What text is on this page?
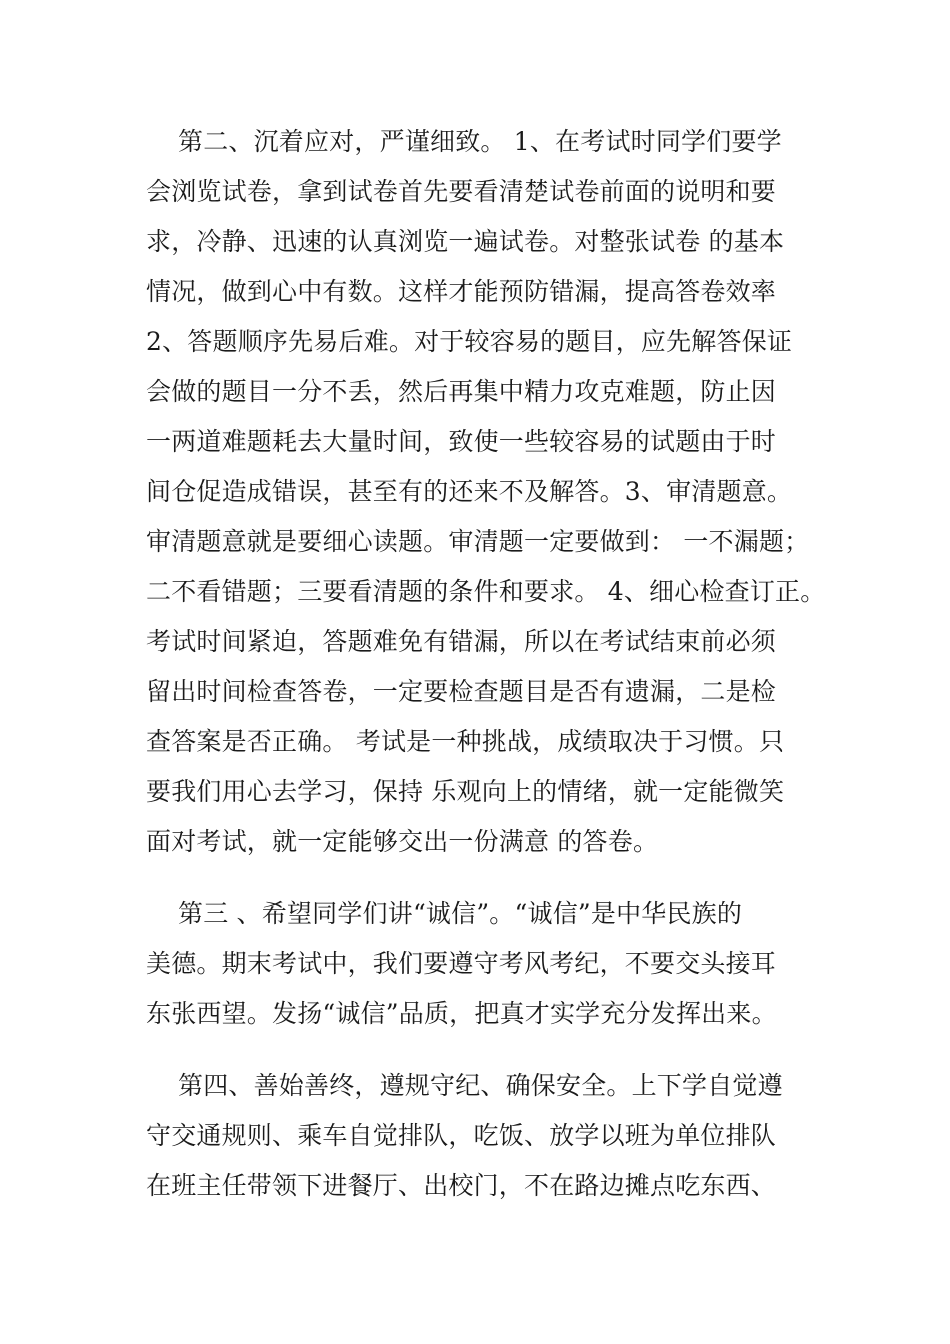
第二、沉着应对，严谨细致。 1、在考试时同学们要学
会浏览试卷，拿到试卷首先要看清楚试卷前面的说明和要
求，冷静、迅速的认真浏览一遍试卷。对整张试卷 的基本
情况，做到心中有数。这样才能预防错漏，提高答卷效率
2、答题顺序先易后难。对于较容易的题目，应先解答保证
会做的题目一分不丢，然后再集中精力攻克难题，防止因
一两道难题耗去大量时间，致使一些较容易的试题由于时
间仓促造成错误，甚至有的还来不及解答。3、审清题意。
审清题意就是要细心读题。审清题一定要做到： 一不漏题；
二不看错题；三要看清题的条件和要求。 4、细心检查订正。
考试时间紧迫，答题难免有错漏，所以在考试结束前必须
留出时间检查答卷，一定要检查题目是否有遗漏，二是检
查答案是否正确。 考试是一种挑战，成绩取决于习惯。只
要我们用心去学习，保持 乐观向上的情绪，就一定能微笑
面对考试，就一定能够交出一份满意 的答卷。
第三 、希望同学们讲“诚信”。“诚信”是中华民族的
美德。期末考试中，我们要遵守考风考纪，不要交头接耳
东张西望。发扬“诚信”品质，把真才实学充分发挥出来。
第四、善始善终，遵规守纪、确保安全。上下学自觉遵
守交通规则、乘车自觉排队，吃饭、放学以班为单位排队
在班主任带领下进餐厅、出校门，不在路边摊点吃东西、
